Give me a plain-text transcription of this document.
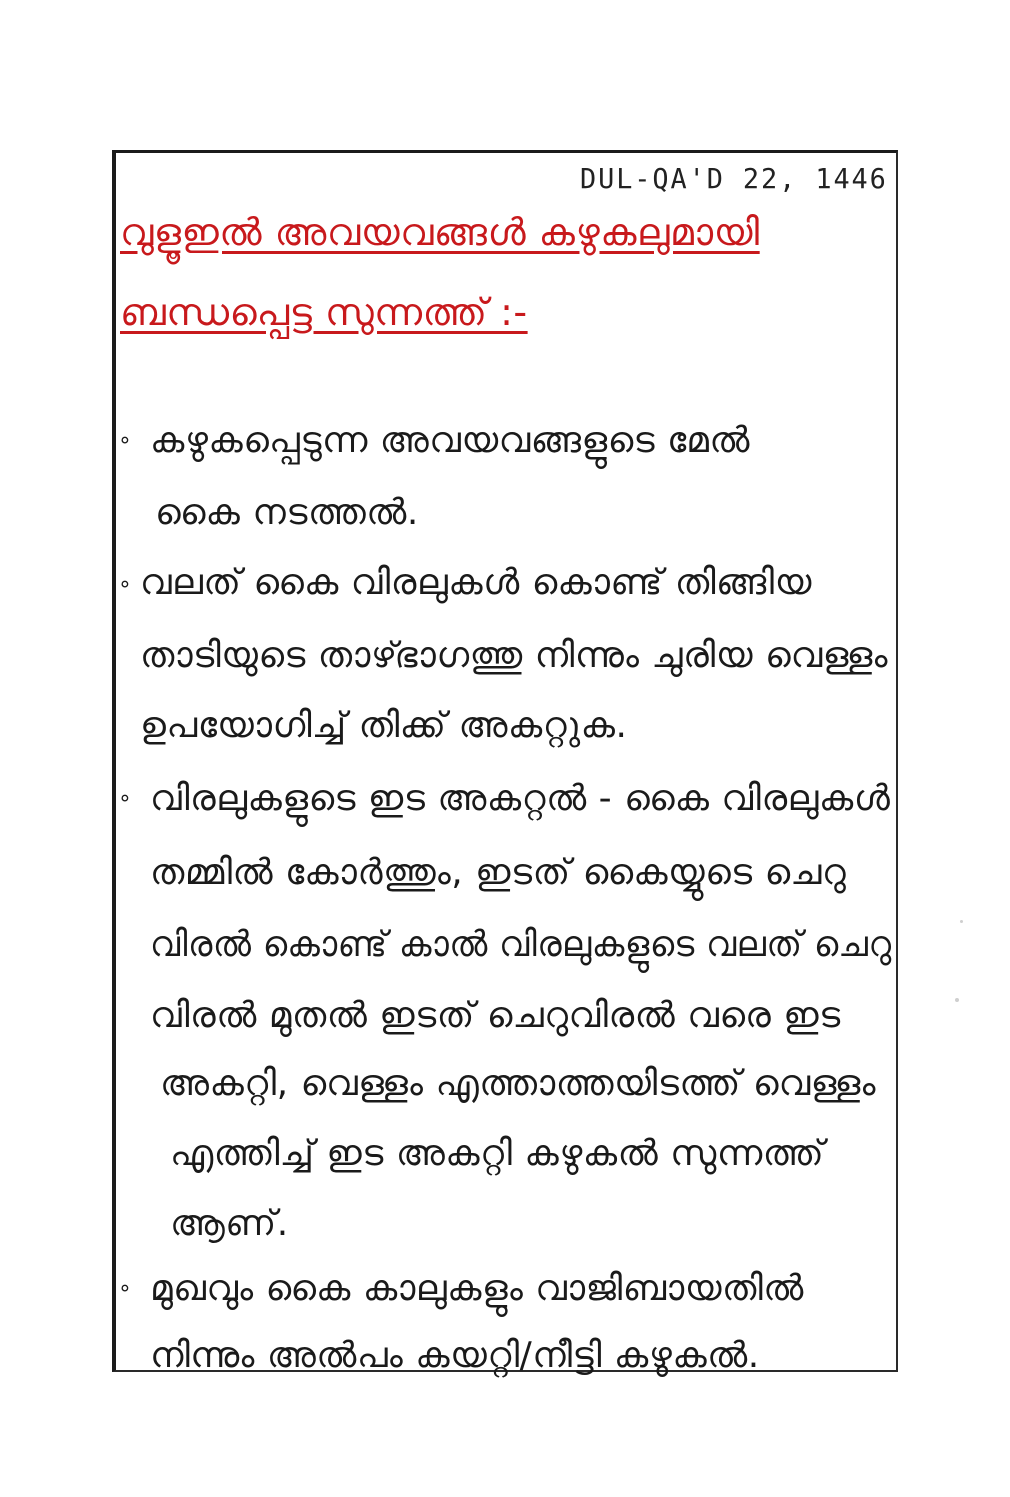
DUL-QA'D 22, 1446
വുളൂഇൽ അവയവങ്ങൾ കഴുകലുമായി
ബന്ധപ്പെട്ട സുന്നത്ത് :-
∘ കഴുകപ്പെടുന്ന അവയവങ്ങളുടെ മേൽ
കൈ നടത്തൽ.
∘ വലത് കൈ വിരലുകൾ കൊണ്ട് തിങ്ങിയ
താടിയുടെ താഴ്ഭാഗത്തു നിന്നും ചുരിയ വെള്ളം
ഉപയോഗിച്ച് തിക്ക് അകറ്റുക.
∘ വിരലുകളുടെ ഇട അകറ്റൽ - കൈ വിരലുകൾ
തമ്മിൽ കോർത്തും, ഇടത് കൈയ്യുടെ ചെറു
വിരൽ കൊണ്ട് കാൽ വിരലുകളുടെ വലത് ചെറു
വിരൽ മുതൽ ഇടത് ചെറുവിരൽ വരെ ഇട
അകറ്റി, വെള്ളം എത്താത്തയിടത്ത് വെള്ളം
എത്തിച്ച് ഇട അകറ്റി കഴുകൽ സുന്നത്ത്
ആണ്.
∘ മുഖവും കൈ കാലുകളും വാജിബായതിൽ
നിന്നും അൽപം കയറ്റി/നീട്ടി കഴുകൽ.
